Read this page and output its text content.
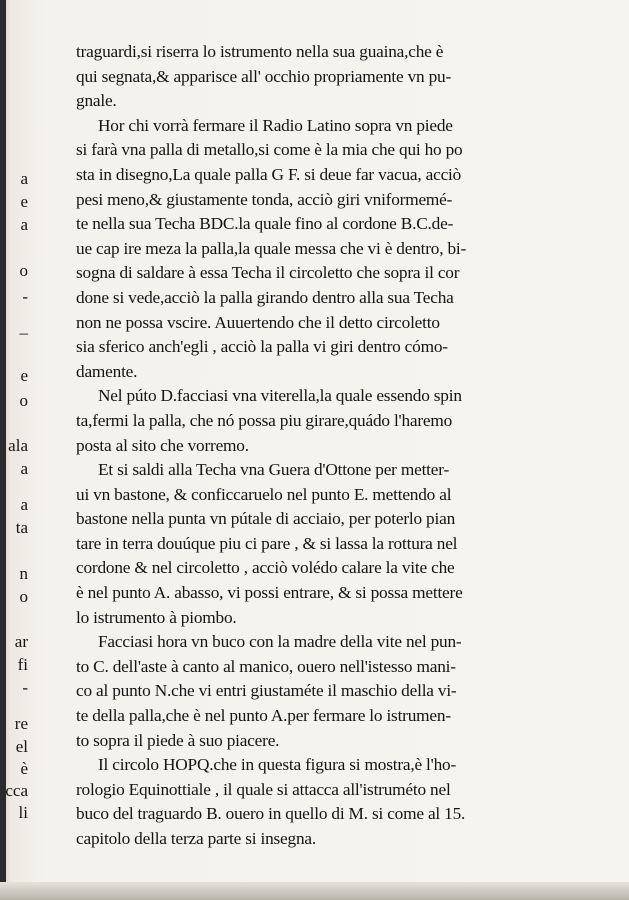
a
e
a
o
-
–
e
o
ala
a
a
ta
n
o
ar
fi
-
re
el
è
cca
li
traguardi,si riserra lo istrumento nella sua guaina,che è
qui segnata,& apparisce all' occhio propriamente vn pu-
gnale.
Hor chi vorrà fermare il Radio Latino sopra vn piede
si farà vna palla di metallo,si come è la mia che qui ho po
sta in disegno,La quale palla G F. si deue far vacua, acciò
pesi meno,& giustamente tonda, acciò giri vniformemé-
te nella sua Techa BDC.la quale fino al cordone B.C.de-
ue cap ire meza la palla,la quale messa che vi è dentro, bi-
sogna di saldare à essa Techa il circoletto che sopra il cor
done si vede,acciò la palla girando dentro alla sua Techa
non ne possa vscire. Auuertendo che il detto circoletto
sia sferico anch'egli , acciò la palla vi giri dentro cómo-
damente.
Nel púto D.facciasi vna viterella,la quale essendo spin
ta,fermi la palla, che nó possa piu girare,quádo l'haremo
posta al sito che vorremo.
Et si saldi alla Techa vna Guera d'Ottone per metter-
ui vn bastone, & conficcaruelo nel punto E. mettendo al
bastone nella punta vn pútale di acciaio, per poterlo pian
tare in terra douúque piu ci pare , & si lassa la rottura nel
cordone & nel circoletto , acciò volédo calare la vite che
è nel punto A. abasso, vi possi entrare, & si possa mettere
lo istrumento à piombo.
Facciasi hora vn buco con la madre della vite nel pun-
to C. dell'aste à canto al manico, ouero nell'istesso mani-
co al punto N.che vi entri giustaméte il maschio della vi-
te della palla,che è nel punto A.per fermare lo istrumen-
to sopra il piede à suo piacere.
Il circolo HOPQ.che in questa figura si mostra,è l'ho-
rologio Equinottiale , il quale si attacca all'istruméto nel
buco del traguardo B. ouero in quello di M. si come al 15.
capitolo della terza parte si insegna.
